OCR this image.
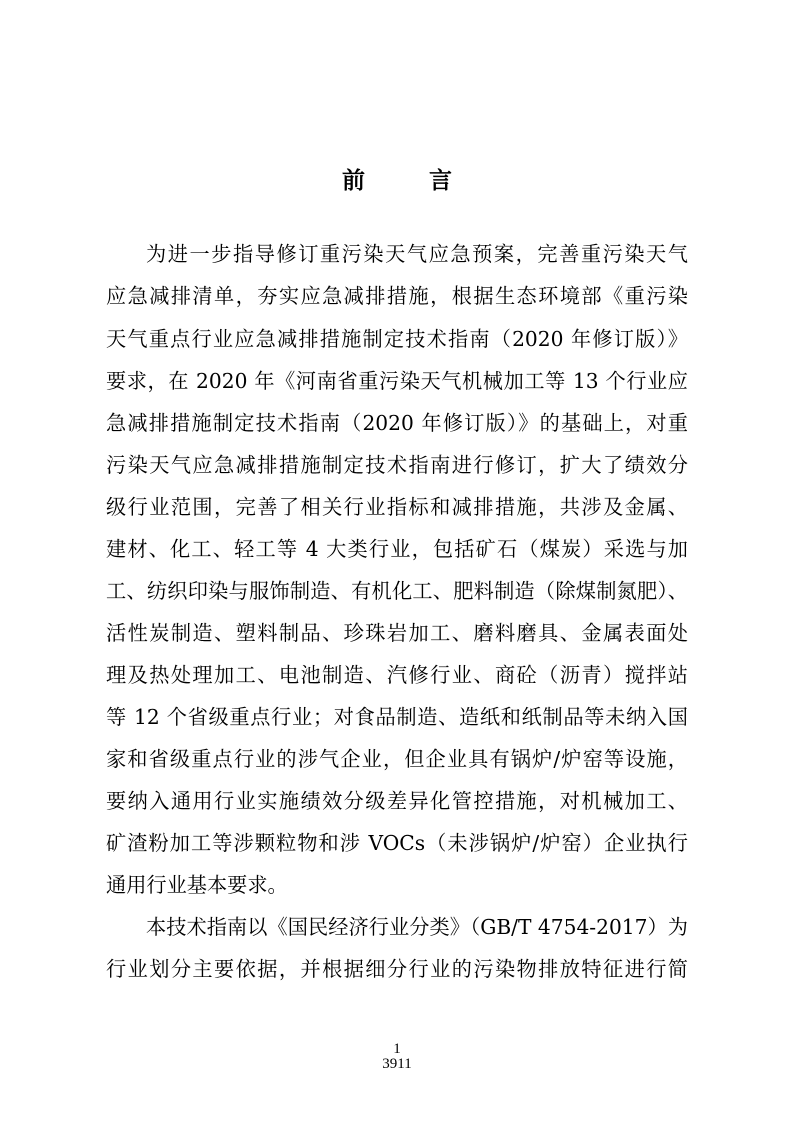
前 言
为进一步指导修订重污染天气应急预案，完善重污染天气
应急减排清单，夯实应急减排措施，根据生态环境部《重污染
天气重点行业应急减排措施制定技术指南（2020 年修订版）》
要求，在 2020 年《河南省重污染天气机械加工等 13 个行业应
急减排措施制定技术指南（2020 年修订版）》的基础上，对重
污染天气应急减排措施制定技术指南进行修订，扩大了绩效分
级行业范围，完善了相关行业指标和减排措施，共涉及金属、
建材、化工、轻工等 4 大类行业，包括矿石（煤炭）采选与加
工、纺织印染与服饰制造、有机化工、肥料制造（除煤制氮肥）、
活性炭制造、塑料制品、珍珠岩加工、磨料磨具、金属表面处
理及热处理加工、电池制造、汽修行业、商砼（沥青）搅拌站
等 12 个省级重点行业；对食品制造、造纸和纸制品等未纳入国
家和省级重点行业的涉气企业，但企业具有锅炉/炉窑等设施，
要纳入通用行业实施绩效分级差异化管控措施，对机械加工、
矿渣粉加工等涉颗粒物和涉 VOCs（未涉锅炉/炉窑）企业执行
通用行业基本要求。
本技术指南以《国民经济行业分类》（GB/T 4754-2017）为
行业划分主要依据，并根据细分行业的污染物排放特征进行简
1
3911
